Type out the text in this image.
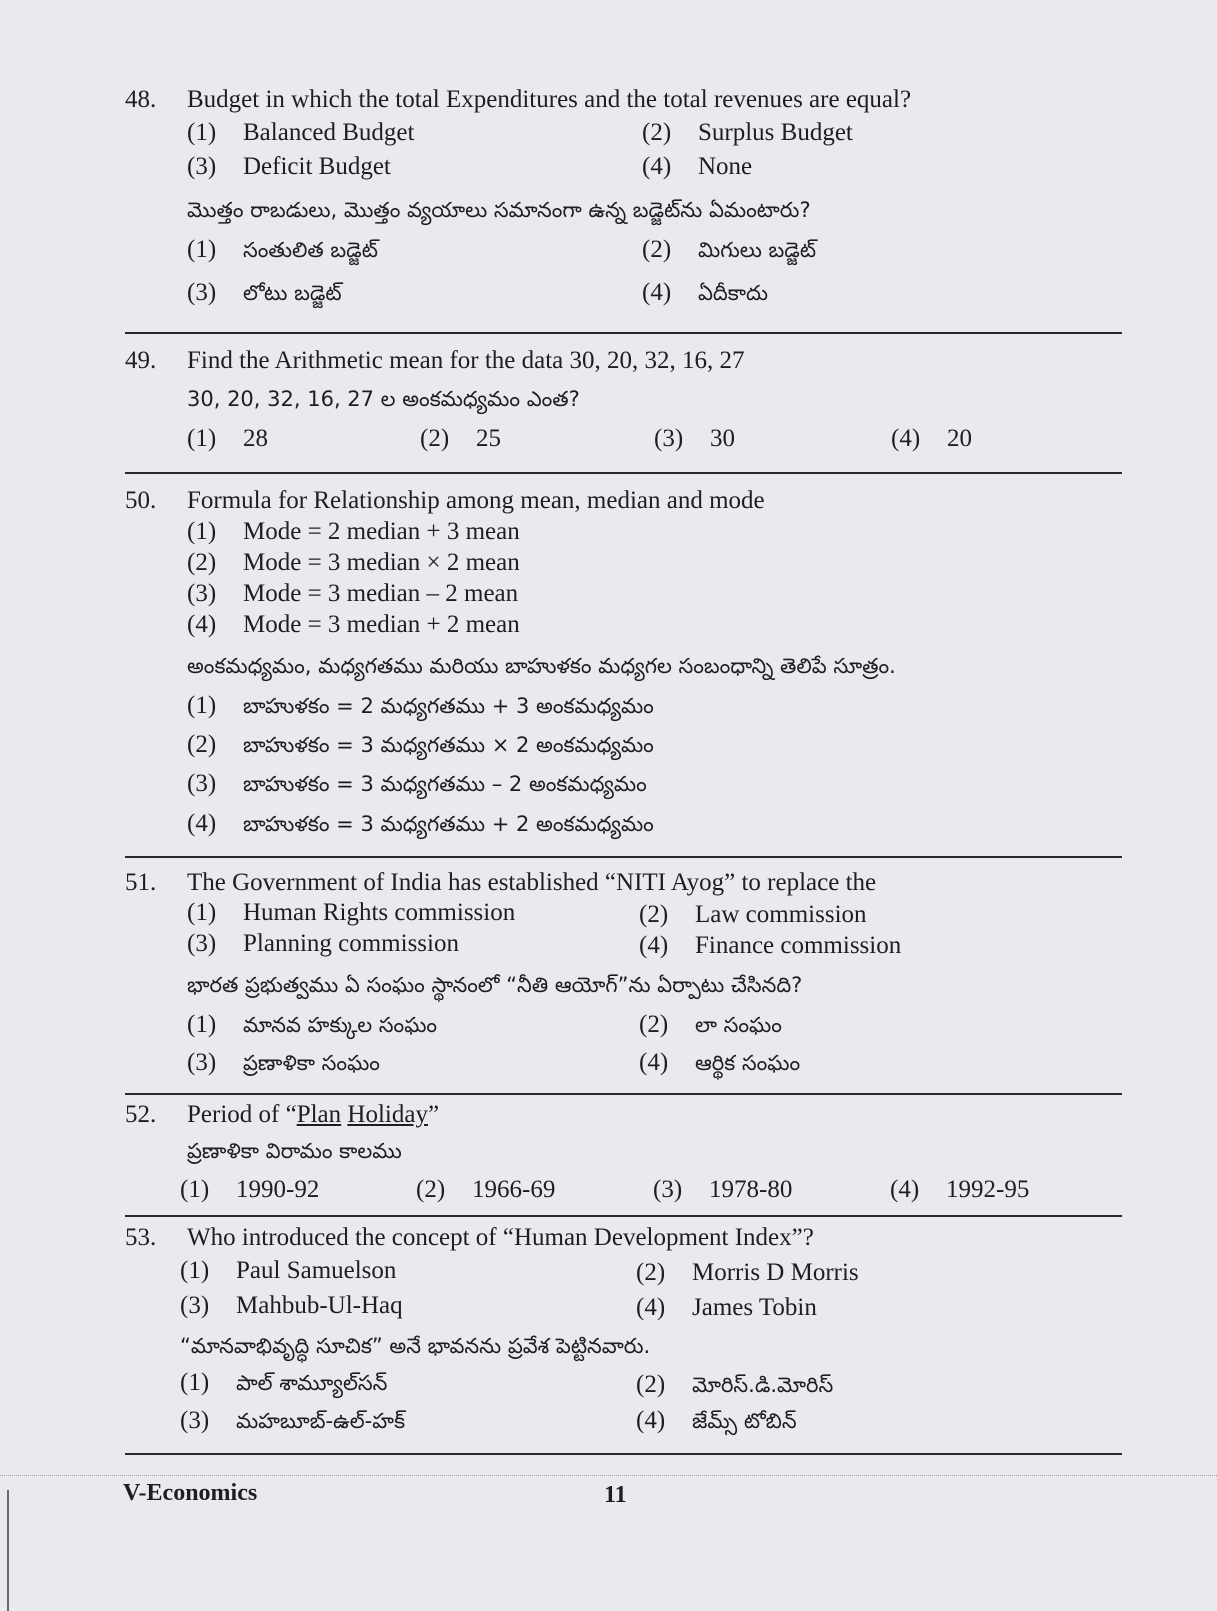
48. Budget in which the total Expenditures and the total revenues are equal?
(1) Balanced Budget	(2) Surplus Budget
(3) Deficit Budget	(4) None
మొత్తం రాబడులు, మొత్తం వ్యయాలు సమానంగా ఉన్న బడ్జెట్‌ను ఏమంటారు?
(1) సంతులిత బడ్జెట్	(2) మిగులు బడ్జెట్
(3) లోటు బడ్జెట్	(4) ఏదీకాదు
49. Find the Arithmetic mean for the data 30, 20, 32, 16, 27
30, 20, 32, 16, 27 ల అంకమధ్యమం ఎంత?
(1) 28	(2) 25	(3) 30	(4) 20
50. Formula for Relationship among mean, median and mode
(1) Mode = 2 median + 3 mean
(2) Mode = 3 median × 2 mean
(3) Mode = 3 median – 2 mean
(4) Mode = 3 median + 2 mean
అంకమధ్యమం, మధ్యగతము మరియు బాహుళకం మధ్యగల సంబంధాన్ని తెలిపే సూత్రం.
(1) బాహుళకం = 2 మధ్యగతము + 3 అంకమధ్యమం
(2) బాహుళకం = 3 మధ్యగతము × 2 అంకమధ్యమం
(3) బాహుళకం = 3 మధ్యగతము – 2 అంకమధ్యమం
(4) బాహుళకం = 3 మధ్యగతము + 2 అంకమధ్యమం
51. The Government of India has established “NITI Ayog” to replace the
(1) Human Rights commission	(2) Law commission
(3) Planning commission	(4) Finance commission
భారత ప్రభుత్వము ఏ సంఘం స్థానంలో “నీతి ఆయోగ్”ను ఏర్పాటు చేసినది?
(1) మానవ హక్కుల సంఘం	(2) లా సంఘం
(3) ప్రణాళికా సంఘం	(4) ఆర్థిక సంఘం
52. Period of “Plan Holiday”
ప్రణాళికా విరామం కాలము
(1) 1990-92	(2) 1966-69	(3) 1978-80	(4) 1992-95
53. Who introduced the concept of “Human Development Index”?
(1) Paul Samuelson	(2) Morris D Morris
(3) Mahbub-Ul-Haq	(4) James Tobin
“మానవాభివృద్ధి సూచిక” అనే భావనను ప్రవేశ పెట్టినవారు.
(1) పాల్ శామ్యూల్‌సన్	(2) మోరిస్.డి.మోరిస్
(3) మహబూబ్-ఉల్-హక్	(4) జేమ్స్ టోబిన్
V-Economics	11
